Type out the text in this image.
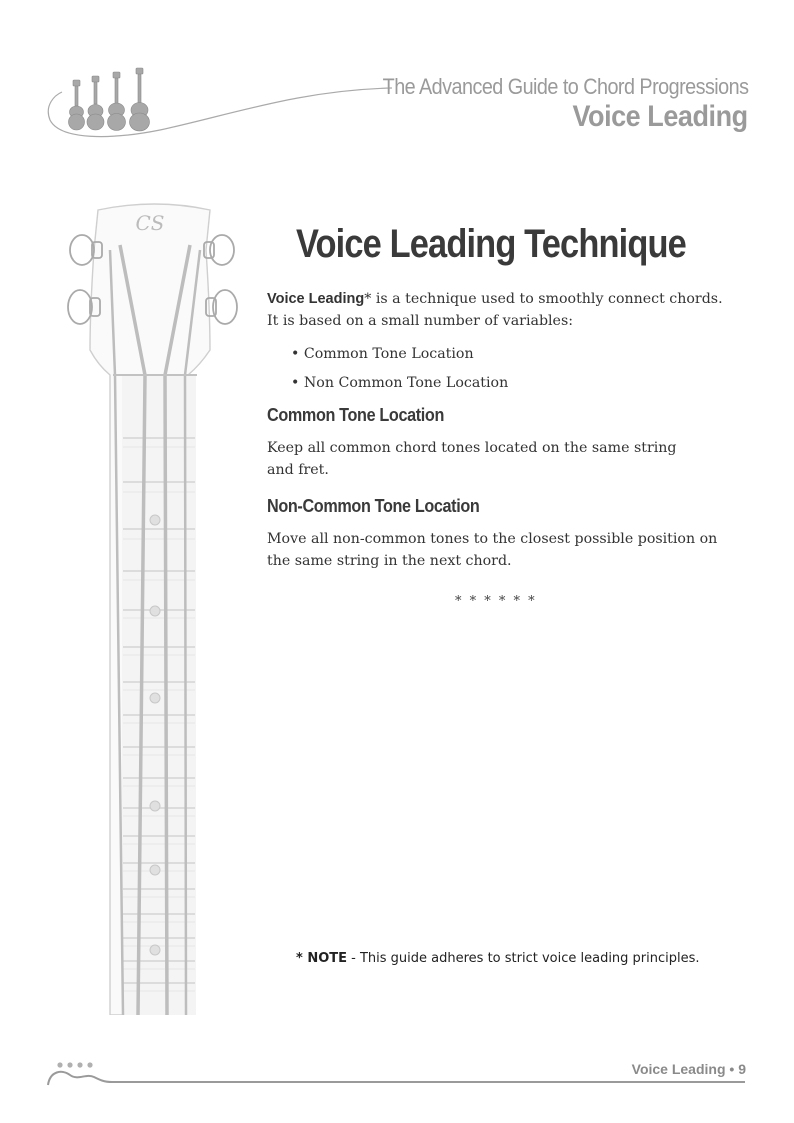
The Advanced Guide to Chord Progressions
Voice Leading
CS	Voice Leading Technique
Voice Leading* is a technique used to smoothly connect chords.
It is based on a small number of variables:
• Common Tone Location
• Non Common Tone Location
Common Tone Location
Keep all common chord tones located on the same string
and fret.
Non-Common Tone Location
Move all non-common tones to the closest possible position on
the same string in the next chord.
* * * * * *
* NOTE - This guide adheres to strict voice leading principles.
Voice Leading • 9
